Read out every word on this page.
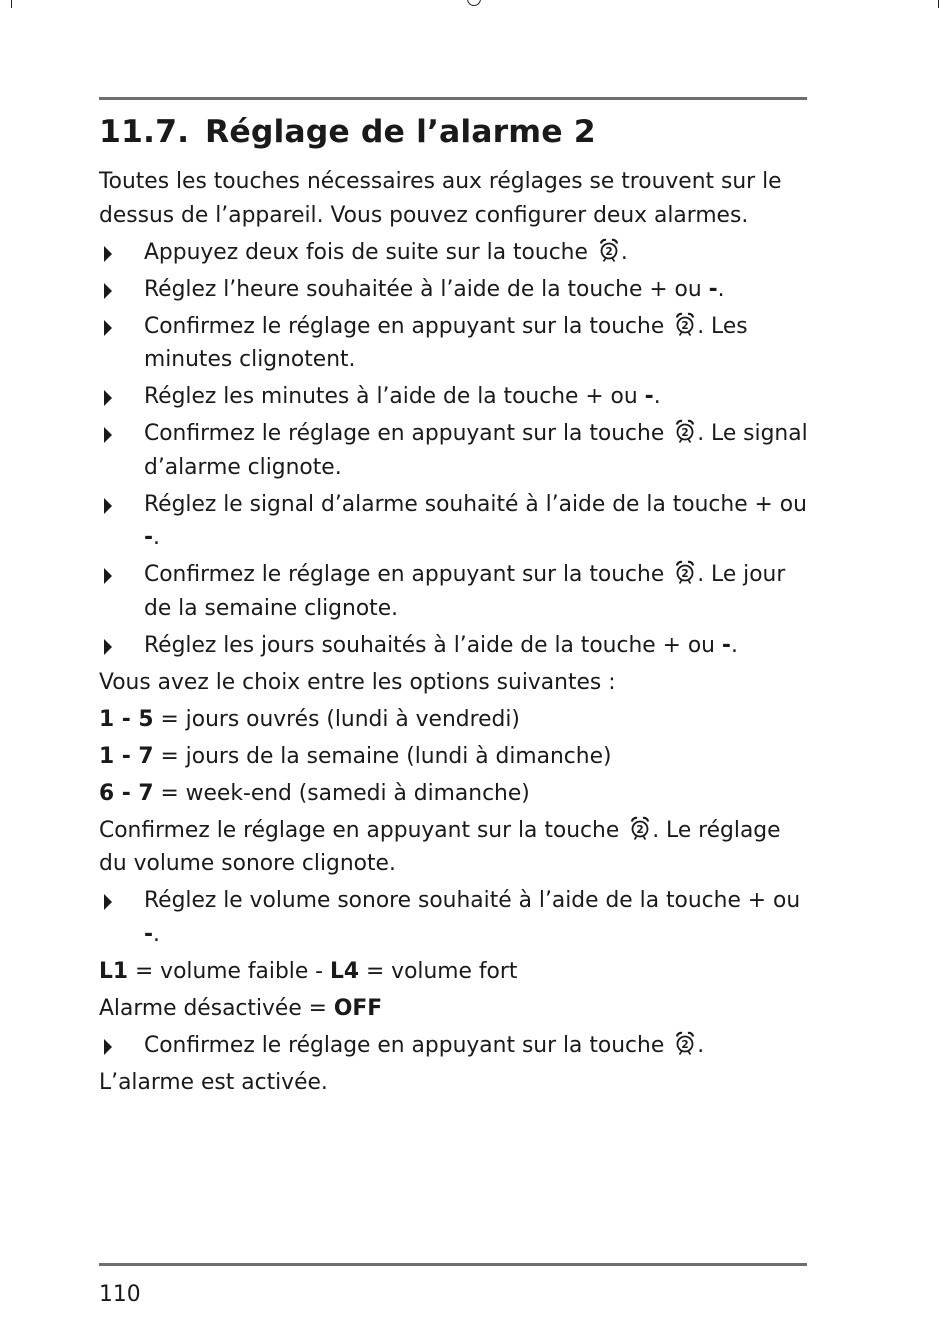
11.7. Réglage de l’alarme 2

Toutes les touches nécessaires aux réglages se trouvent sur le dessus de l’appareil. Vous pouvez configurer deux alarmes.

Appuyez deux fois de suite sur la touche 2 .
Réglez l’heure souhaitée à l’aide de la touche + ou -.
Confirmez le réglage en appuyant sur la touche 2 . Les minutes clignotent.
Réglez les minutes à l’aide de la touche + ou -.
Confirmez le réglage en appuyant sur la touche 2 . Le signal d’alarme clignote.
Réglez le signal d’alarme souhaité à l’aide de la touche + ou -.
Confirmez le réglage en appuyant sur la touche 2 . Le jour de la semaine clignote.
Réglez les jours souhaités à l’aide de la touche + ou -.

Vous avez le choix entre les options suivantes :

1 - 5 = jours ouvrés (lundi à vendredi)

1 - 7 = jours de la semaine (lundi à dimanche)

6 - 7 = week-end (samedi à dimanche)

Confirmez le réglage en appuyant sur la touche 2 . Le réglage du volume sonore clignote.

Réglez le volume sonore souhaité à l’aide de la touche + ou -.

L1 = volume faible - L4 = volume fort

Alarme désactivée = OFF

Confirmez le réglage en appuyant sur la touche 2 .

L’alarme est activée.

110
